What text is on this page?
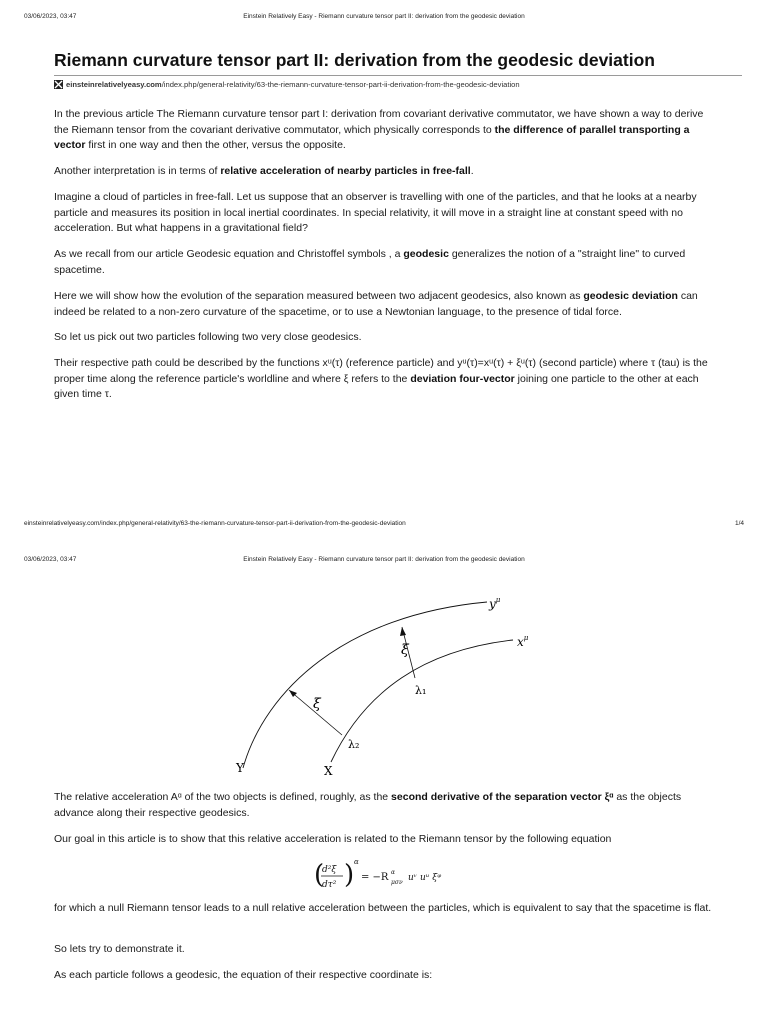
03/06/2023, 03:47	Einstein Relatively Easy - Riemann curvature tensor part II: derivation from the geodesic deviation
Riemann curvature tensor part II: derivation from the geodesic deviation
einsteinrelativelyeasy.com /index.php/general-relativity/63-the-riemann-curvature-tensor-part-ii-derivation-from-the-geodesic-deviation

In the previous article The Riemann curvature tensor part I: derivation from covariant derivative commutator, we have shown a way to derive the Riemann tensor from the covariant derivative commutator, which physically corresponds to the difference of parallel transporting a vector first in one way and then the other, versus the opposite.

Another interpretation is in terms of relative acceleration of nearby particles in free-fall.

Imagine a cloud of particles in free-fall. Let us suppose that an observer is travelling with one of the particles, and that he looks at a nearby particle and measures its position in local inertial coordinates. In special relativity, it will move in a straight line at constant speed with no acceleration. But what happens in a gravitational field?

As we recall from our article Geodesic equation and Christoffel symbols , a geodesic generalizes the notion of a "straight line" to curved spacetime.

Here we will show how the evolution of the separation measured between two adjacent geodesics, also known as geodesic deviation can indeed be related to a non-zero curvature of the spacetime, or to use a Newtonian language, to the presence of tidal force.

So let us pick out two particles following two very close geodesics.

Their respective path could be described by the functions xᵘ(τ) (reference particle) and yᵘ(τ)=xᵘ(τ) + ξᵘ(τ) (second particle) where τ (tau) is the proper time along the reference particle's worldline and where ξ refers to the deviation four-vector joining one particle to the other at each given time τ.

einsteinrelativelyeasy.com/index.php/general-relativity/63-the-riemann-curvature-tensor-part-ii-derivation-from-the-geodesic-deviation	1/4
03/06/2023, 03:47	Einstein Relatively Easy - Riemann curvature tensor part II: derivation from the geodesic deviation
$y^\mu$
$x^\mu$
ξ
ξ
λ₁
λ₂
Y	X

The relative acceleration Aᵅ of the two objects is defined, roughly, as the second derivative of the separation vector ξᵅ as the objects advance along their respective geodesics.

Our goal in this article is to show that this relative acceleration is related to the Riemann tensor by the following equation

(
d²ξ
dτ² ) α
= −R α
μσν uᵛ uᵘ ξᵠ

for which a null Riemann tensor leads to a null relative acceleration between the particles, which is equivalent to say that the spacetime is flat.

So lets try to demonstrate it.

As each particle follows a geodesic, the equation of their respective coordinate is:
